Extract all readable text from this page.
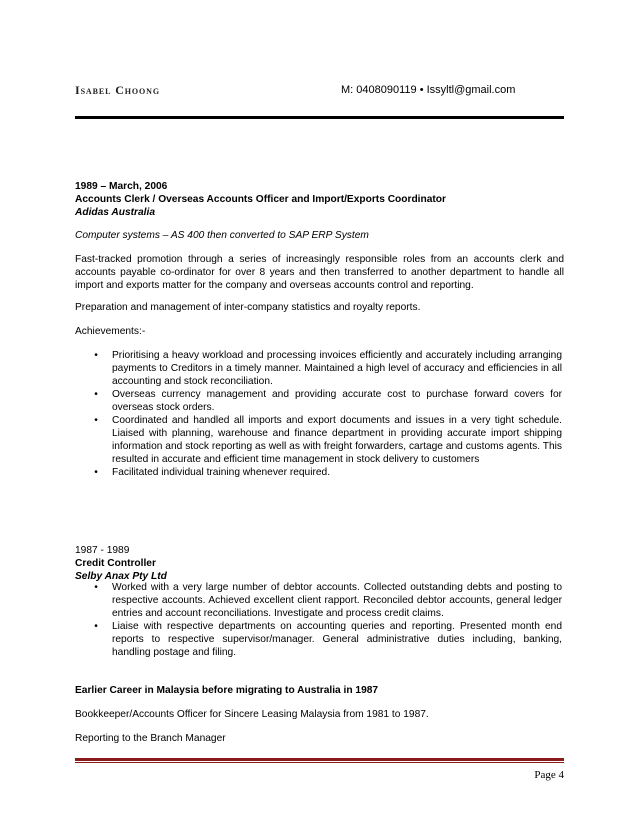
Isabel Choong	M: 0408090119 • Issyltl@gmail.com
1989 – March, 2006
Accounts Clerk / Overseas Accounts Officer and Import/Exports Coordinator
Adidas Australia
Computer systems – AS 400 then converted to SAP ERP System
Fast-tracked promotion through a series of increasingly responsible roles from an accounts clerk and accounts payable co-ordinator for over 8 years and then transferred to another department to handle all import and exports matter for the company and overseas accounts control and reporting.
Preparation and management of inter-company statistics and royalty reports.
Achievements:-
•	Prioritising a heavy workload and processing invoices efficiently and accurately including arranging payments to Creditors in a timely manner. Maintained a high level of accuracy and efficiencies in all accounting and stock reconciliation.
•	Overseas currency management and providing accurate cost to purchase forward covers for overseas stock orders.
•	Coordinated and handled all imports and export documents and issues in a very tight schedule. Liaised with planning, warehouse and finance department in providing accurate import shipping information and stock reporting as well as with freight forwarders, cartage and customs agents. This resulted in accurate and efficient time management in stock delivery to customers
•	Facilitated individual training whenever required.
1987 - 1989
Credit Controller
Selby Anax Pty Ltd
•	Worked with a very large number of debtor accounts. Collected outstanding debts and posting to respective accounts. Achieved excellent client rapport. Reconciled debtor accounts, general ledger entries and account reconciliations. Investigate and process credit claims.
•	Liaise with respective departments on accounting queries and reporting. Presented month end reports to respective supervisor/manager. General administrative duties including, banking, handling postage and filing.
Earlier Career in Malaysia before migrating to Australia in 1987
Bookkeeper/Accounts Officer for Sincere Leasing Malaysia from 1981 to 1987.
Reporting to the Branch Manager
Page 4
